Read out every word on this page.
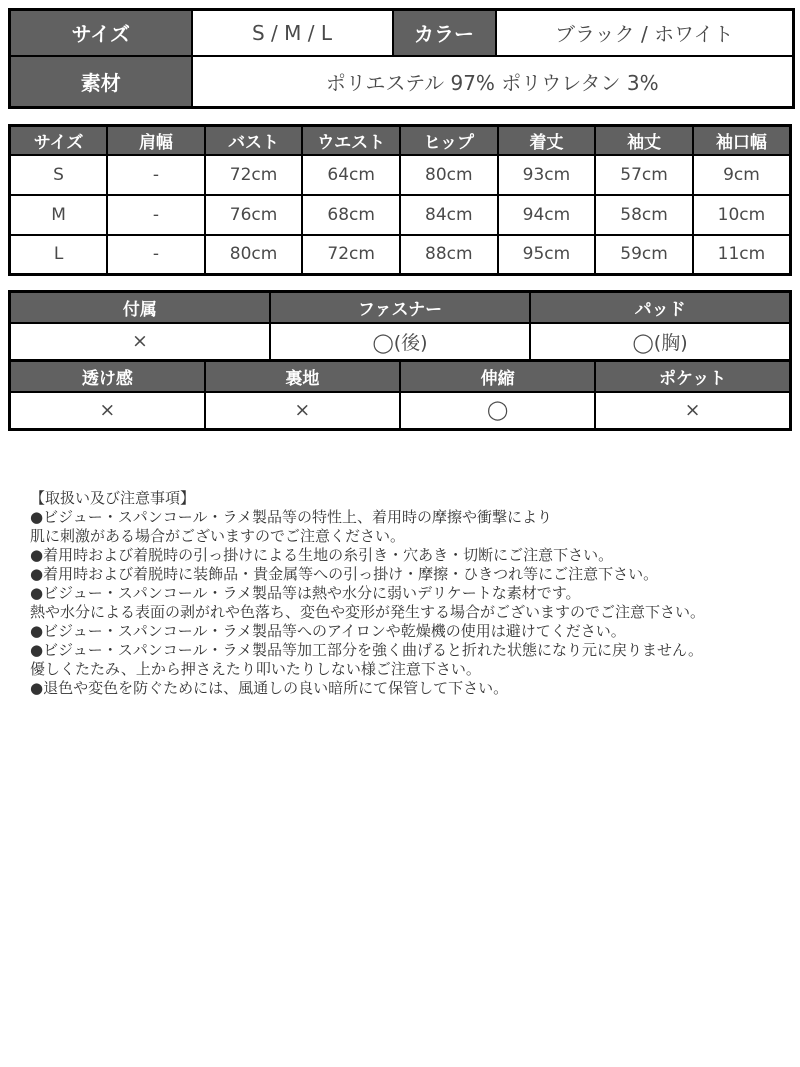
サイズ	S / M / L	カラー	ブラック / ホワイト
素材	ポリエステル 97% ポリウレタン 3%		
サイズ	肩幅	バスト	ウエスト	ヒップ	着丈	袖丈	袖口幅
S	-	72cm	64cm	80cm	93cm	57cm	9cm
M	-	76cm	68cm	84cm	94cm	58cm	10cm
L	-	80cm	72cm	88cm	95cm	59cm	11cm
付属	ファスナー	パッド
×	◯(後)	◯(胸)
透け感	裏地	伸縮	ポケット
×	×	◯	×
【取扱い及び注意事項】
●ビジュー・スパンコール・ラメ製品等の特性上、着用時の摩擦や衝撃により
肌に刺激がある場合がございますのでご注意ください。
●着用時および着脱時の引っ掛けによる生地の糸引き・穴あき・切断にご注意下さい。
●着用時および着脱時に装飾品・貴金属等への引っ掛け・摩擦・ひきつれ等にご注意下さい。
●ビジュー・スパンコール・ラメ製品等は熱や水分に弱いデリケートな素材です。
熱や水分による表面の剥がれや色落ち、変色や変形が発生する場合がございますのでご注意下さい。
●ビジュー・スパンコール・ラメ製品等へのアイロンや乾燥機の使用は避けてください。
●ビジュー・スパンコール・ラメ製品等加工部分を強く曲げると折れた状態になり元に戻りません。
優しくたたみ、上から押さえたり叩いたりしない様ご注意下さい。
●退色や変色を防ぐためには、風通しの良い暗所にて保管して下さい。
